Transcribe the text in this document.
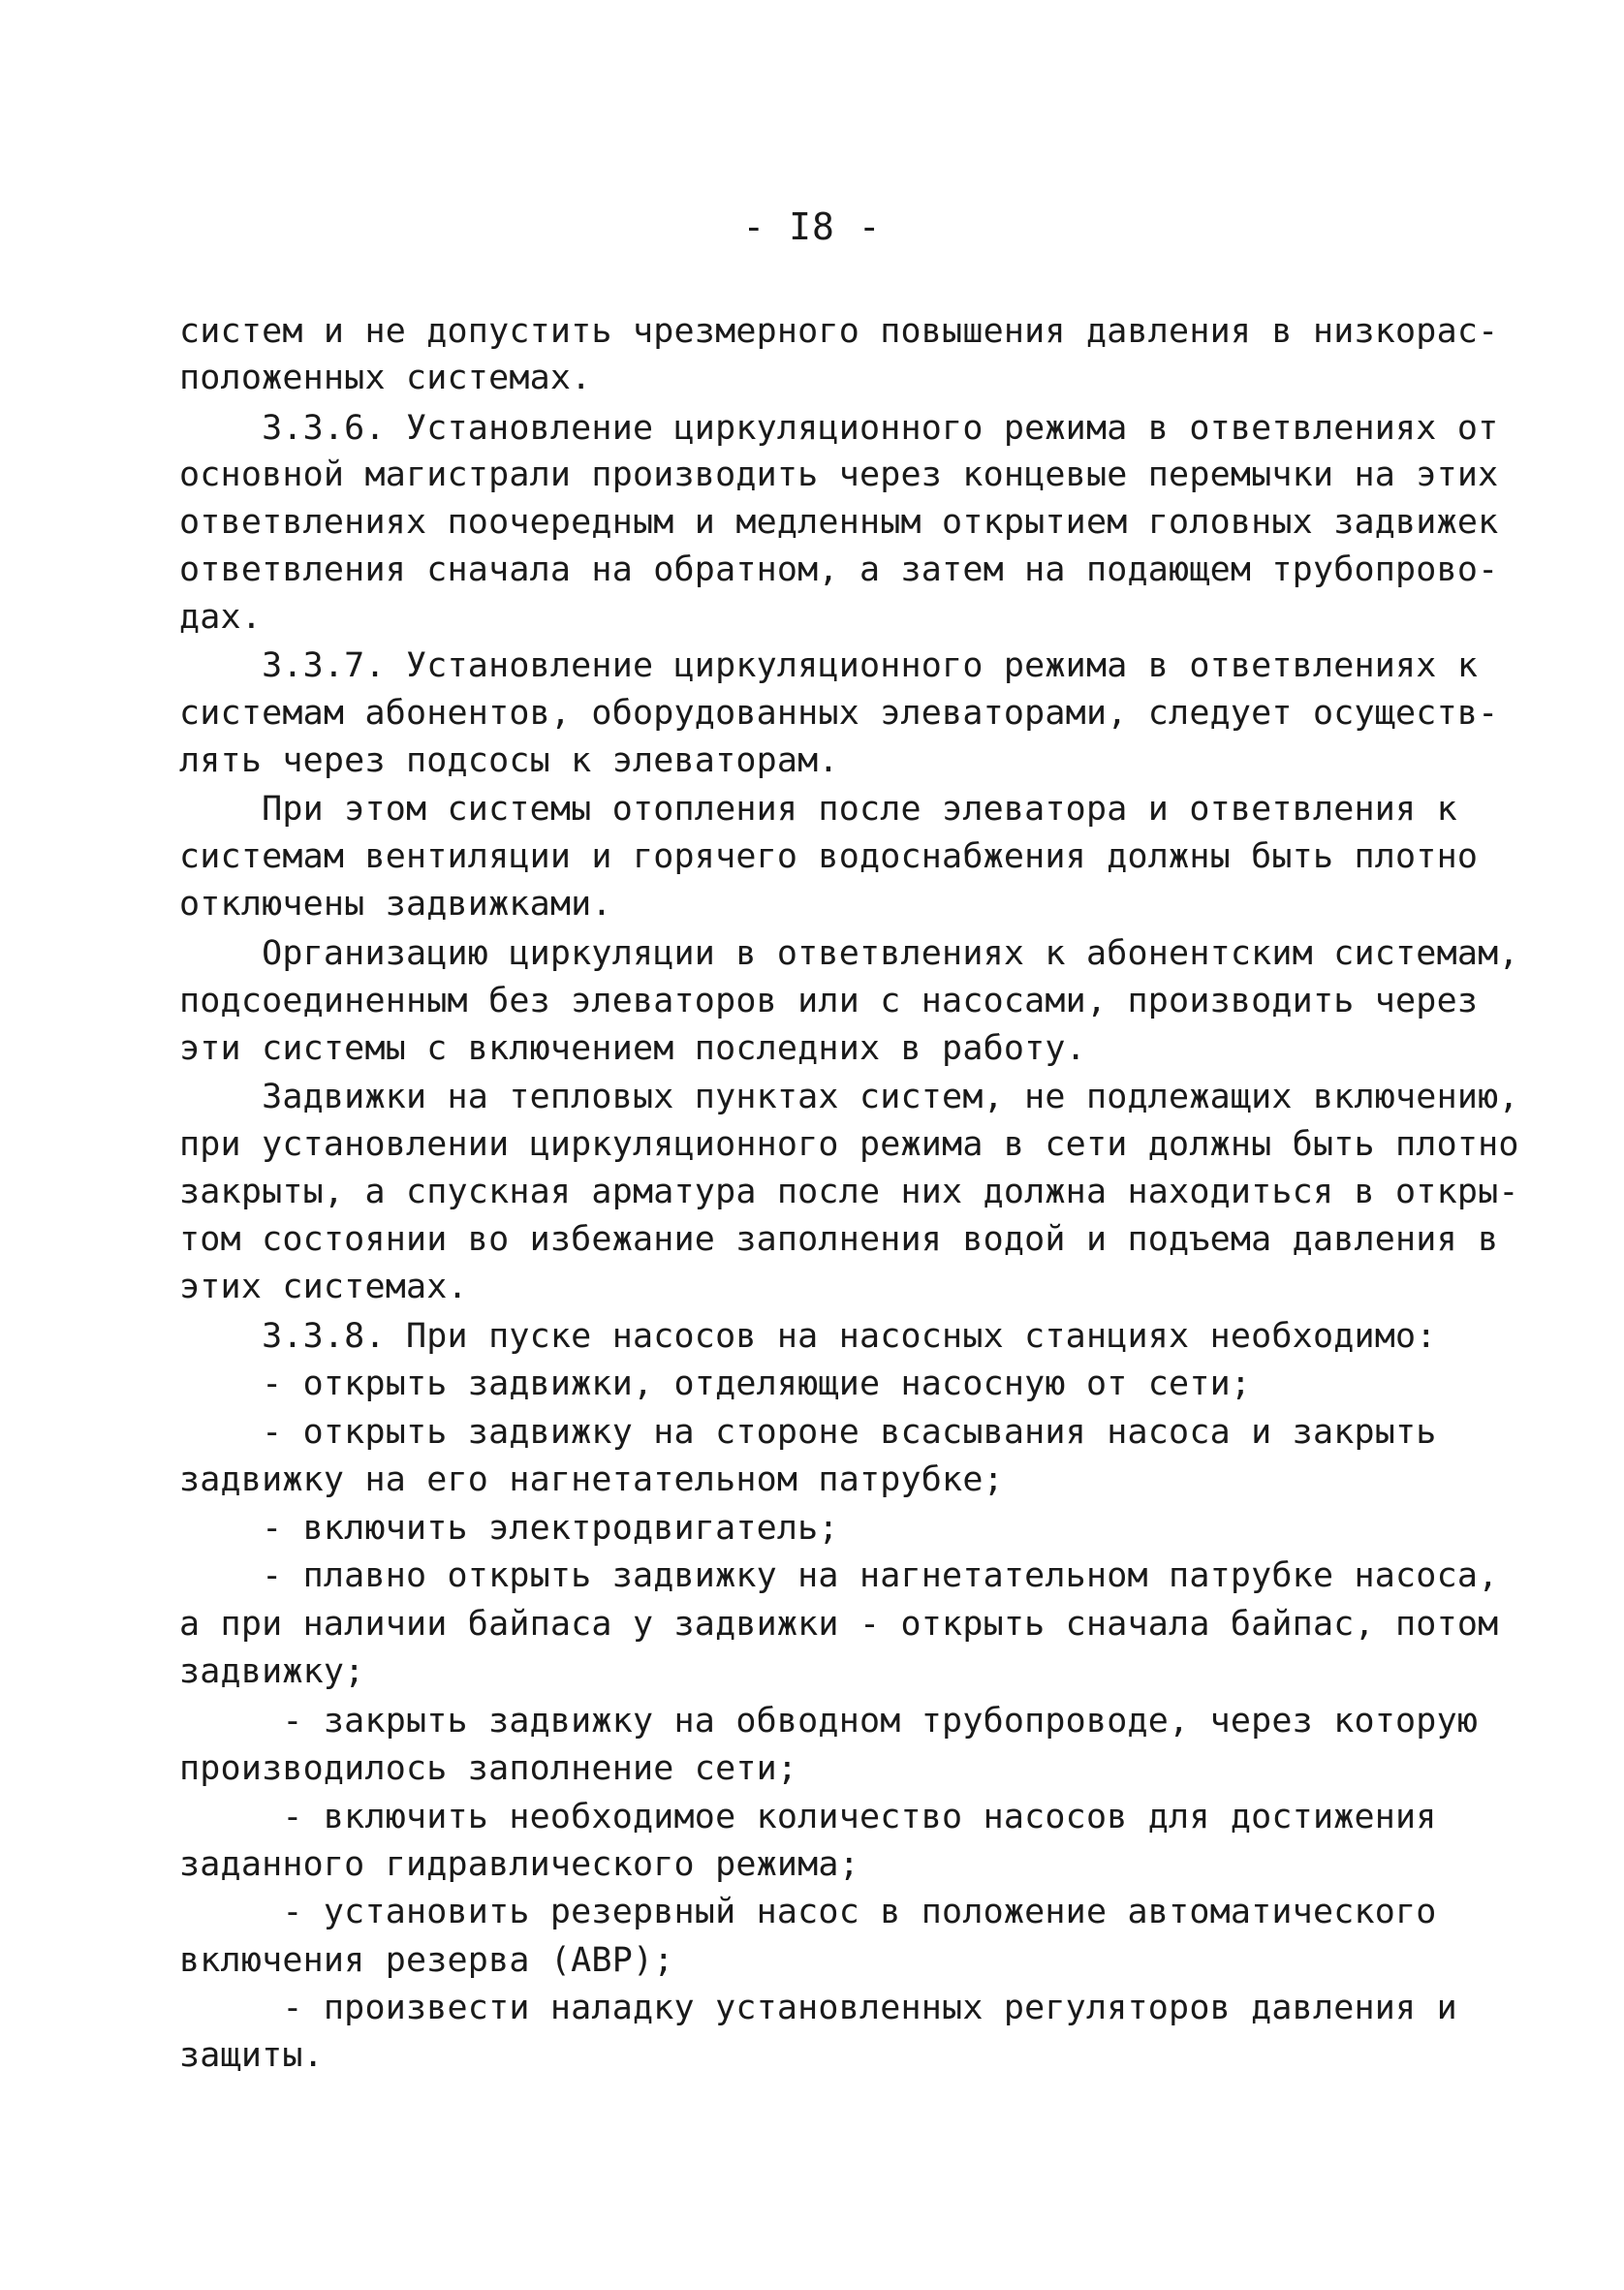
- I8 -
систем и не допустить чрезмерного повышения давления в низкорас-
положенных системах.
3.3.6. Установление циркуляционного режима в ответвлениях от
основной магистрали производить через концевые перемычки на этих
ответвлениях поочередным и медленным открытием головных задвижек
ответвления сначала на обратном, а затем на подающем трубопрово-
дах.
3.3.7. Установление циркуляционного режима в ответвлениях к
системам абонентов, оборудованных элеваторами, следует осуществ-
лять через подсосы к элеваторам.
При этом системы отопления после элеватора и ответвления к
системам вентиляции и горячего водоснабжения должны быть плотно
отключены задвижками.
Организацию циркуляции в ответвлениях к абонентским системам,
подсоединенным без элеваторов или с насосами, производить через
эти системы с включением последних в работу.
Задвижки на тепловых пунктах систем, не подлежащих включению,
при установлении циркуляционного режима в сети должны быть плотно
закрыты, а спускная арматура после них должна находиться в откры-
том состоянии во избежание заполнения водой и подъема давления в
этих системах.
3.3.8. При пуске насосов на насосных станциях необходимо:
- открыть задвижки, отделяющие насосную от сети;
- открыть задвижку на стороне всасывания насоса и закрыть
задвижку на его нагнетательном патрубке;
- включить электродвигатель;
- плавно открыть задвижку на нагнетательном патрубке насоса,
а при наличии байпаса у задвижки - открыть сначала байпас, потом
задвижку;
- закрыть задвижку на обводном трубопроводе, через которую
производилось заполнение сети;
- включить необходимое количество насосов для достижения
заданного гидравлического режима;
- установить резервный насос в положение автоматического
включения резерва (АВР);
- произвести наладку установленных регуляторов давления и
защиты.
